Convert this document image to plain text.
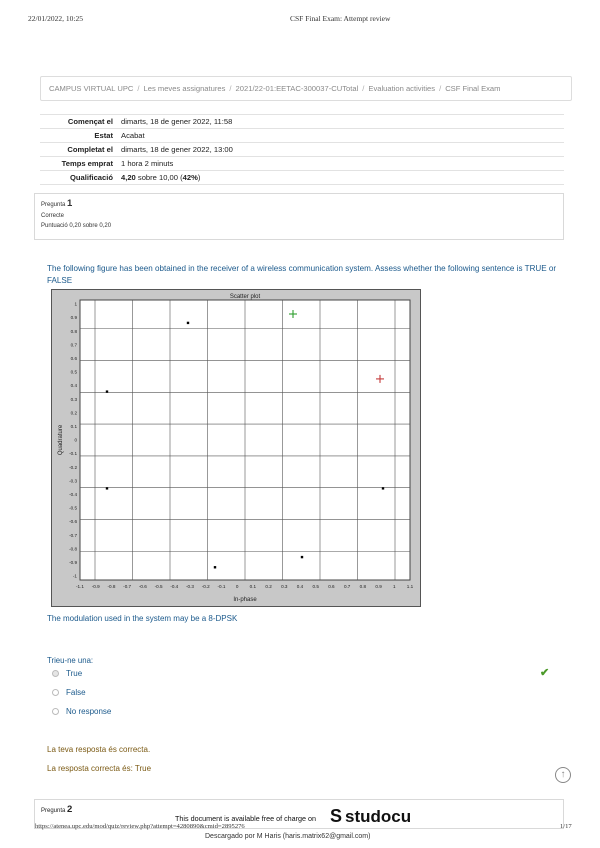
22/01/2022, 10:25	CSF Final Exam: Attempt review
CAMPUS VIRTUAL UPC / Les meves assignatures / 2021/22-01:EETAC-300037-CUTotal / Evaluation activities / CSF Final Exam
Començat el	dimarts, 18 de gener 2022, 11:58
Estat	Acabat
Completat el	dimarts, 18 de gener 2022, 13:00
Temps emprat	1 hora 2 minuts
Qualificació	4,20 sobre 10,00 (42%)
Pregunta 1
Correcte
Puntuació 0,20 sobre 0,20
The following figure has been obtained in the receiver of a wireless communication system. Assess whether the following sentence is TRUE or FALSE
Scatter plot
In-phase
Quadrature
-1.1 -0.9 -0.8 -0.7 -0.6 -0.5 -0.4 -0.3 -0.2 -0.1 0 0.1 0.2 0.3 0.4 0.5 0.6 0.7 0.8 0.9 1 1.1
1
0.9
0.8
0.7
0.6
0.5
0.4
0.3
0.2
0.1
0
-0.1
-0.2
-0.3
-0.4
-0.5
-0.6
-0.7
-0.8
-0.9
-1
The modulation used in the system may be a 8-DPSK
Trieu-ne una:
True
False
No response
✔
La teva resposta és correcta.
La resposta correcta és: True
↑
Pregunta 2
This document is available free of charge on S studocu
https://atenea.upc.edu/mod/quiz/review.php?attempt=4280890&cmid=2895276	1/17
Descargado por M Haris (haris.matrix62@gmail.com)
